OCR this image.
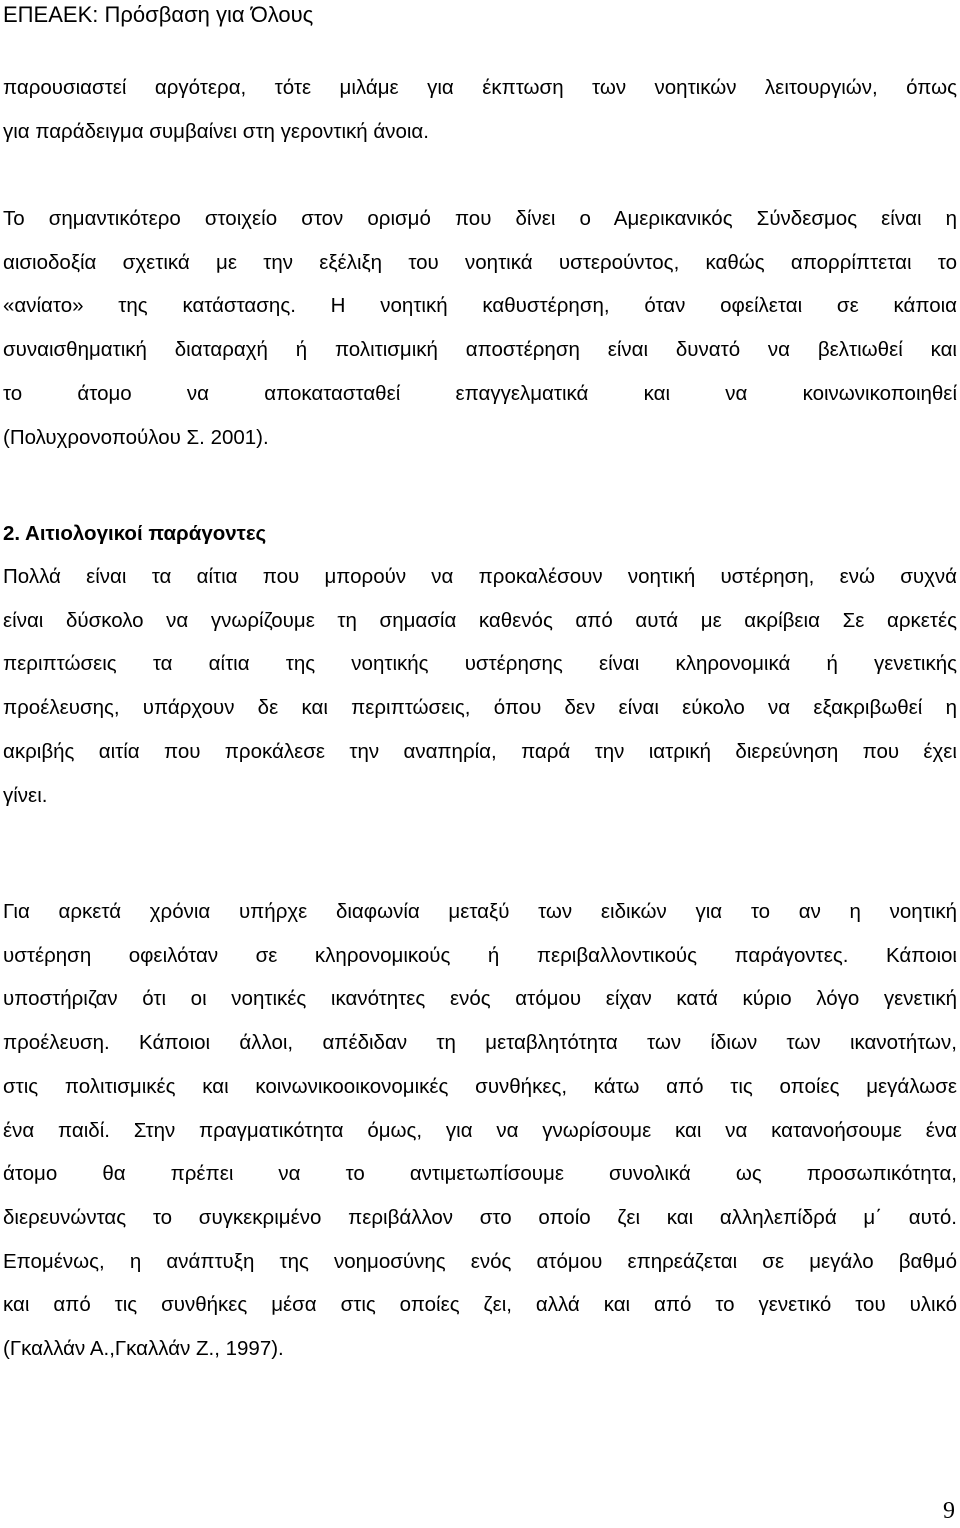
ΕΠΕΑΕΚ: Πρόσβαση για Όλους
παρουσιαστεί αργότερα, τότε μιλάμε για έκπτωση των νοητικών λειτουργιών, όπως
για παράδειγμα συμβαίνει στη γεροντική άνοια.
Το σημαντικότερο στοιχείο στον ορισμό που δίνει ο Αμερικανικός Σύνδεσμος είναι η
αισιοδοξία σχετικά με την εξέλιξη του νοητικά υστερούντος, καθώς απορρίπτεται το
«ανίατο» της κατάστασης. Η νοητική καθυστέρηση, όταν οφείλεται σε κάποια
συναισθηματική διαταραχή ή πολιτισμική αποστέρηση είναι δυνατό να βελτιωθεί και
το άτομο να αποκατασταθεί επαγγελματικά και να κοινωνικοποιηθεί
(Πολυχρονοπούλου Σ. 2001).
2. Αιτιολογικοί παράγοντες
Πολλά είναι τα αίτια που μπορούν να προκαλέσουν νοητική υστέρηση, ενώ συχνά
είναι δύσκολο να γνωρίζουμε τη σημασία καθενός από αυτά με ακρίβεια Σε αρκετές
περιπτώσεις τα αίτια της νοητικής υστέρησης είναι κληρονομικά ή γενετικής
προέλευσης, υπάρχουν δε και περιπτώσεις, όπου δεν είναι εύκολο να εξακριβωθεί η
ακριβής αιτία που προκάλεσε την αναπηρία, παρά την ιατρική διερεύνηση που έχει
γίνει.
Για αρκετά χρόνια υπήρχε διαφωνία μεταξύ των ειδικών για το αν η νοητική
υστέρηση οφειλόταν σε κληρονομικούς ή περιβαλλοντικούς παράγοντες. Κάποιοι
υποστήριζαν ότι οι νοητικές ικανότητες ενός ατόμου είχαν κατά κύριο λόγο γενετική
προέλευση. Κάποιοι άλλοι, απέδιδαν τη μεταβλητότητα των ίδιων των ικανοτήτων,
στις πολιτισμικές και κοινωνικοοικονομικές συνθήκες, κάτω από τις οποίες μεγάλωσε
ένα παιδί. Στην πραγματικότητα όμως, για να γνωρίσουμε και να κατανοήσουμε ένα
άτομο θα πρέπει να το αντιμετωπίσουμε συνολικά ως προσωπικότητα,
διερευνώντας το συγκεκριμένο περιβάλλον στο οποίο ζει και αλληλεπίδρά μ΄ αυτό.
Επομένως, η ανάπτυξη της νοημοσύνης ενός ατόμου επηρεάζεται σε μεγάλο βαθμό
και από τις συνθήκες μέσα στις οποίες ζει, αλλά και από το γενετικό του υλικό
(Γκαλλάν Α.,Γκαλλάν Ζ., 1997).
9
